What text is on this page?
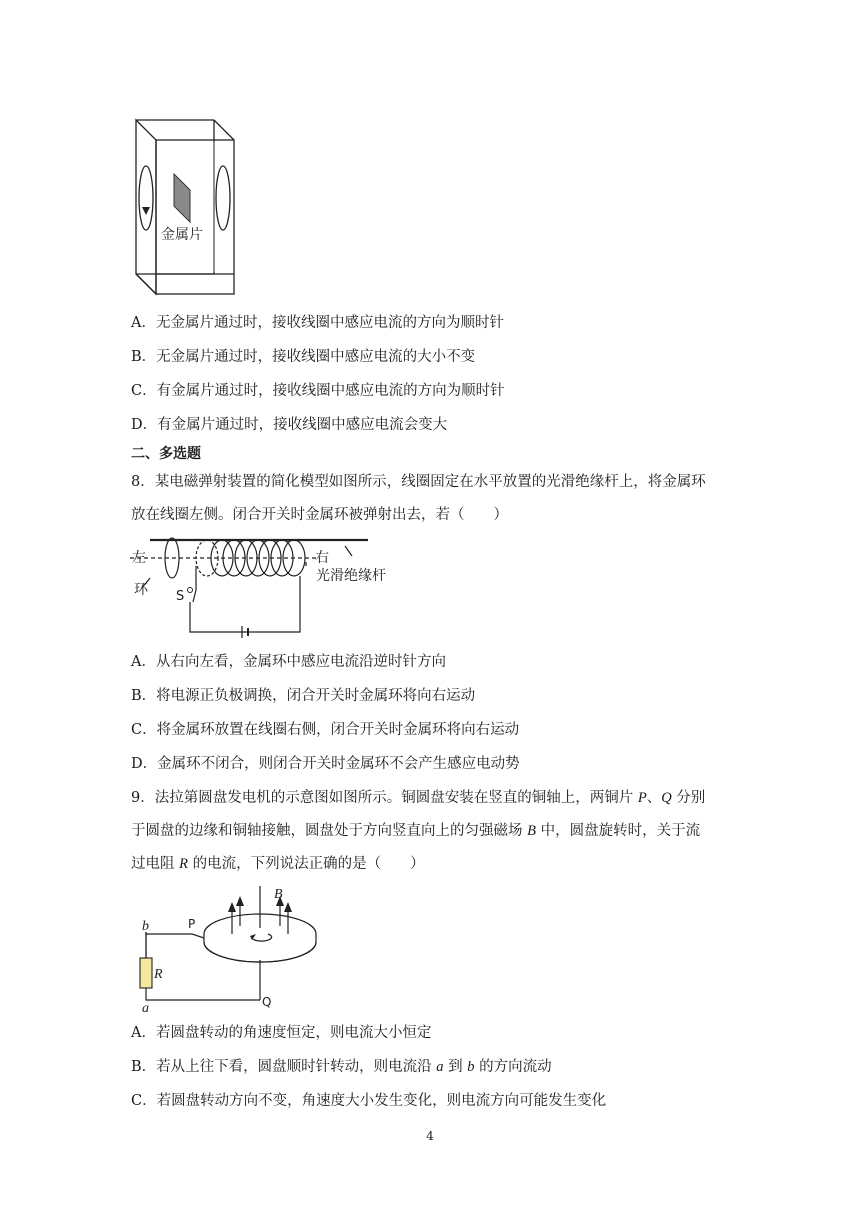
金属片
A．无金属片通过时，接收线圈中感应电流的方向为顺时针
B．无金属片通过时，接收线圈中感应电流的大小不变
C．有金属片通过时，接收线圈中感应电流的方向为顺时针
D．有金属片通过时，接收线圈中感应电流会变大
二、多选题
8．某电磁弹射装置的简化模型如图所示，线圈固定在水平放置的光滑绝缘杆上，将金属环
放在线圈左侧。闭合开关时金属环被弹射出去，若（　　）
左	右
环 S
光滑绝缘杆
A．从右向左看，金属环中感应电流沿逆时针方向
B．将电源正负极调换，闭合开关时金属环将向右运动
C．将金属环放置在线圈右侧，闭合开关时金属环将向右运动
D．金属环不闭合，则闭合开关时金属环不会产生感应电动势
9．法拉第圆盘发电机的示意图如图所示。铜圆盘安装在竖直的铜轴上，两铜片 P、Q 分别
于圆盘的边缘和铜轴接触，圆盘处于方向竖直向上的匀强磁场 B 中，圆盘旋转时，关于流
过电阻 R 的电流，下列说法正确的是（　　）
b	P
R
a	Q
B
A．若圆盘转动的角速度恒定，则电流大小恒定
B．若从上往下看，圆盘顺时针转动，则电流沿 a 到 b 的方向流动
C．若圆盘转动方向不变，角速度大小发生变化，则电流方向可能发生变化
4
